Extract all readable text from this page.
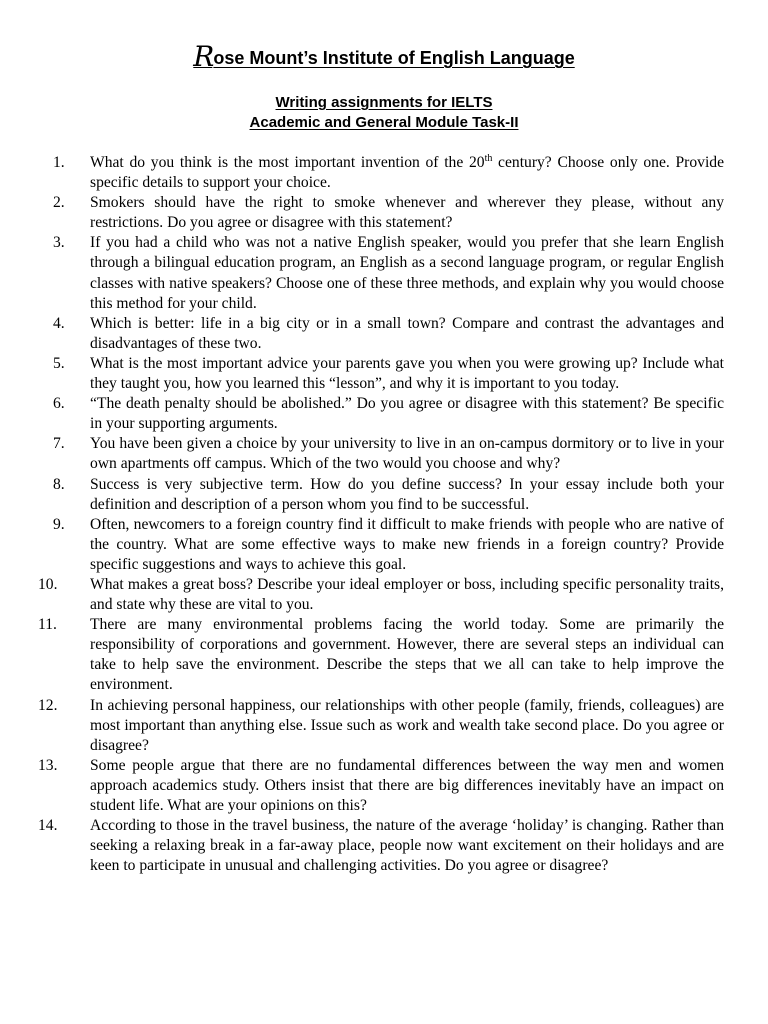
Rose Mount’s Institute of English Language
Writing assignments for IELTS
Academic and General Module Task-II
1.	What do you think is the most important invention of the 20th century? Choose only one. Provide specific details to support your choice.
2.	Smokers should have the right to smoke whenever and wherever they please, without any restrictions. Do you agree or disagree with this statement?
3.	If you had a child who was not a native English speaker, would you prefer that she learn English through a bilingual education program, an English as a second language program, or regular English classes with native speakers? Choose one of these three methods, and explain why you would choose this method for your child.
4.	Which is better: life in a big city or in a small town? Compare and contrast the advantages and disadvantages of these two.
5.	What is the most important advice your parents gave you when you were growing up? Include what they taught you, how you learned this “lesson”, and why it is important to you today.
6.	“The death penalty should be abolished.” Do you agree or disagree with this statement? Be specific in your supporting arguments.
7.	You have been given a choice by your university to live in an on-campus dormitory or to live in your own apartments off campus. Which of the two would you choose and why?
8.	Success is very subjective term. How do you define success? In your essay include both your definition and description of a person whom you find to be successful.
9.	Often, newcomers to a foreign country find it difficult to make friends with people who are native of the country. What are some effective ways to make new friends in a foreign country? Provide specific suggestions and ways to achieve this goal.
10.	What makes a great boss? Describe your ideal employer or boss, including specific personality traits, and state why these are vital to you.
11.	There are many environmental problems facing the world today. Some are primarily the responsibility of corporations and government. However, there are several steps an individual can take to help save the environment. Describe the steps that we all can take to help improve the environment.
12.	In achieving personal happiness, our relationships with other people (family, friends, colleagues) are most important than anything else. Issue such as work and wealth take second place. Do you agree or disagree?
13.	Some people argue that there are no fundamental differences between the way men and women approach academics study. Others insist that there are big differences inevitably have an impact on student life. What are your opinions on this?
14.	According to those in the travel business, the nature of the average ‘holiday’ is changing. Rather than seeking a relaxing break in a far-away place, people now want excitement on their holidays and are keen to participate in unusual and challenging activities. Do you agree or disagree?
